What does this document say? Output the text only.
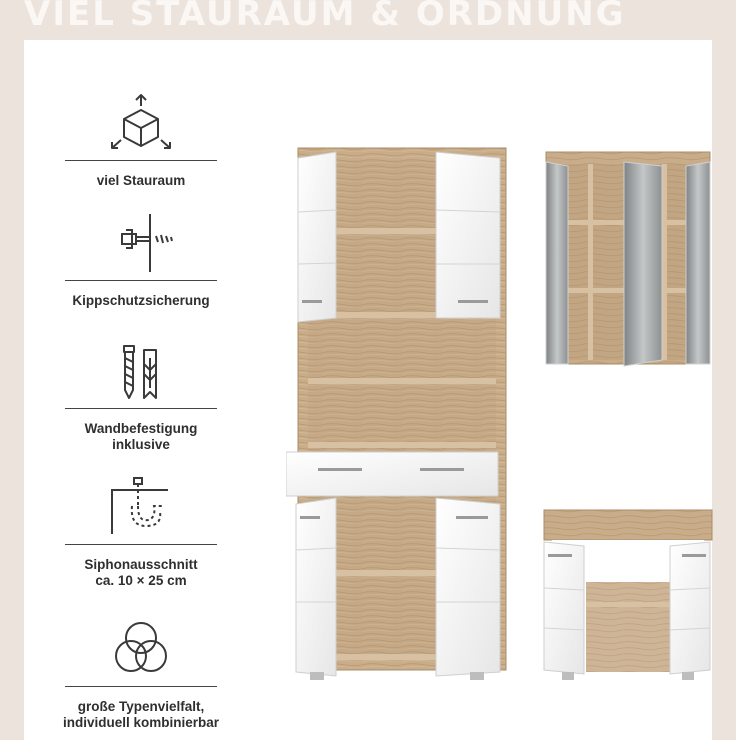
VIEL STAURAUM & ORDNUNG
viel Stauraum
Kippschutzsicherung
Wandbefestigung
inklusive
Siphonausschnitt
ca. 10 × 25 cm
große Typenvielfalt,
individuell kombinierbar
